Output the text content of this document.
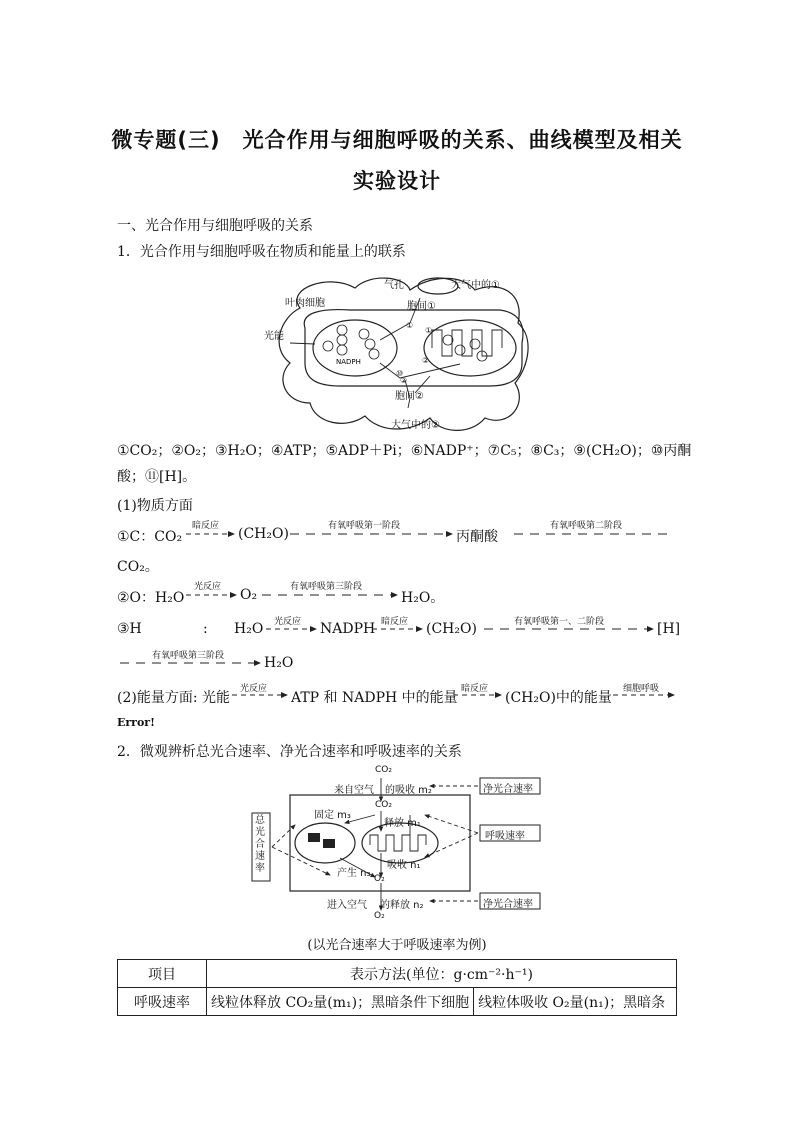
微专题(三)　光合作用与细胞呼吸的关系、曲线模型及相关
实验设计
一、光合作用与细胞呼吸的关系
1．光合作用与细胞呼吸在物质和能量上的联系
NADPH
①
①
⑩
②
②
气孔	大气中的①
胞间①
叶肉细胞
光能
胞间②
大气中的②
①CO₂；②O₂；③H₂O；④ATP；⑤ADP＋Pi；⑥NADP⁺；⑦C₅；⑧C₃；⑨(CH₂O)；⑩丙酮
酸；⑪[H]。
(1)物质方面
①C：CO₂
暗反应 (CH₂O)	有氧呼吸第一阶段
丙酮酸
有氧呼吸第二阶段
CO₂。
②O：H₂O
光反应 O₂	有氧呼吸第三阶段
H₂O。
③H	: H₂O 光反应 NADPH 暗反应 (CH₂O)	有氧呼吸第一、二阶段	[H]
有氧呼吸第三阶段	H₂O
(2)能量方面: 光能
光反应
ATP 和 NADPH 中的能量
暗反应
(CH₂O)中的能量
细胞呼吸
Error!
2．微观辨析总光合速率、净光合速率和呼吸速率的关系
CO₂
来自空气 的吸收 m₂	净光合速率
CO₂
固定 m₃
释放 m₁
呼吸速率
总光合速率	吸收 n₁
产生 n₃ O₂
进入空气 的释放 n₂	净光合速率
O₂
(以光合速率大于呼吸速率为例)
项目	表示方法(单位：g·cm⁻²·h⁻¹)	
呼吸速率	线粒体释放 CO₂量(m₁)；黑暗条件下细胞	线粒体吸收 O₂量(n₁)；黑暗条
